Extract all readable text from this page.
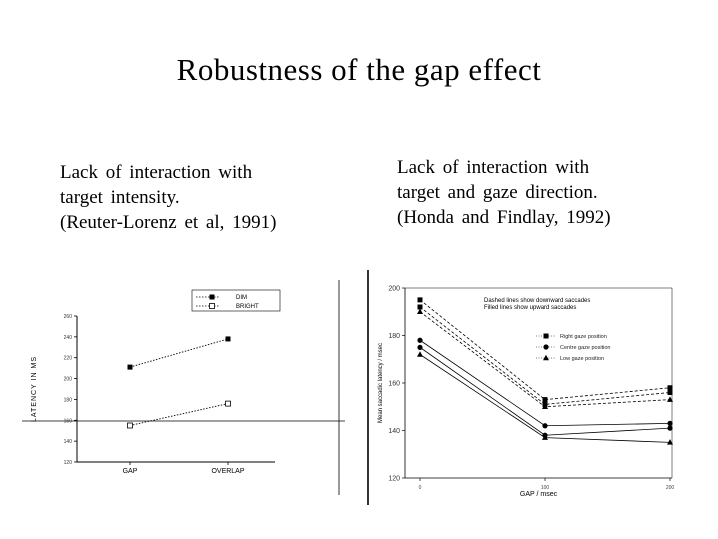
Robustness of the gap effect
Lack of interaction with
target intensity.
(Reuter-Lorenz et al, 1991)
Lack of interaction with
target and gaze direction.
(Honda and Findlay, 1992)
120
140
160
180
200
220
240
260
LATENCY IN MS
GAP	OVERLAP
DIM
BRIGHT
120
140
160
180
200
0	100	200
Mean saccadic latency / msec
GAP / msec
Dashed lines show downward saccades
Filled lines show upward saccades
Right gaze position
Centre gaze position
Low gaze position
